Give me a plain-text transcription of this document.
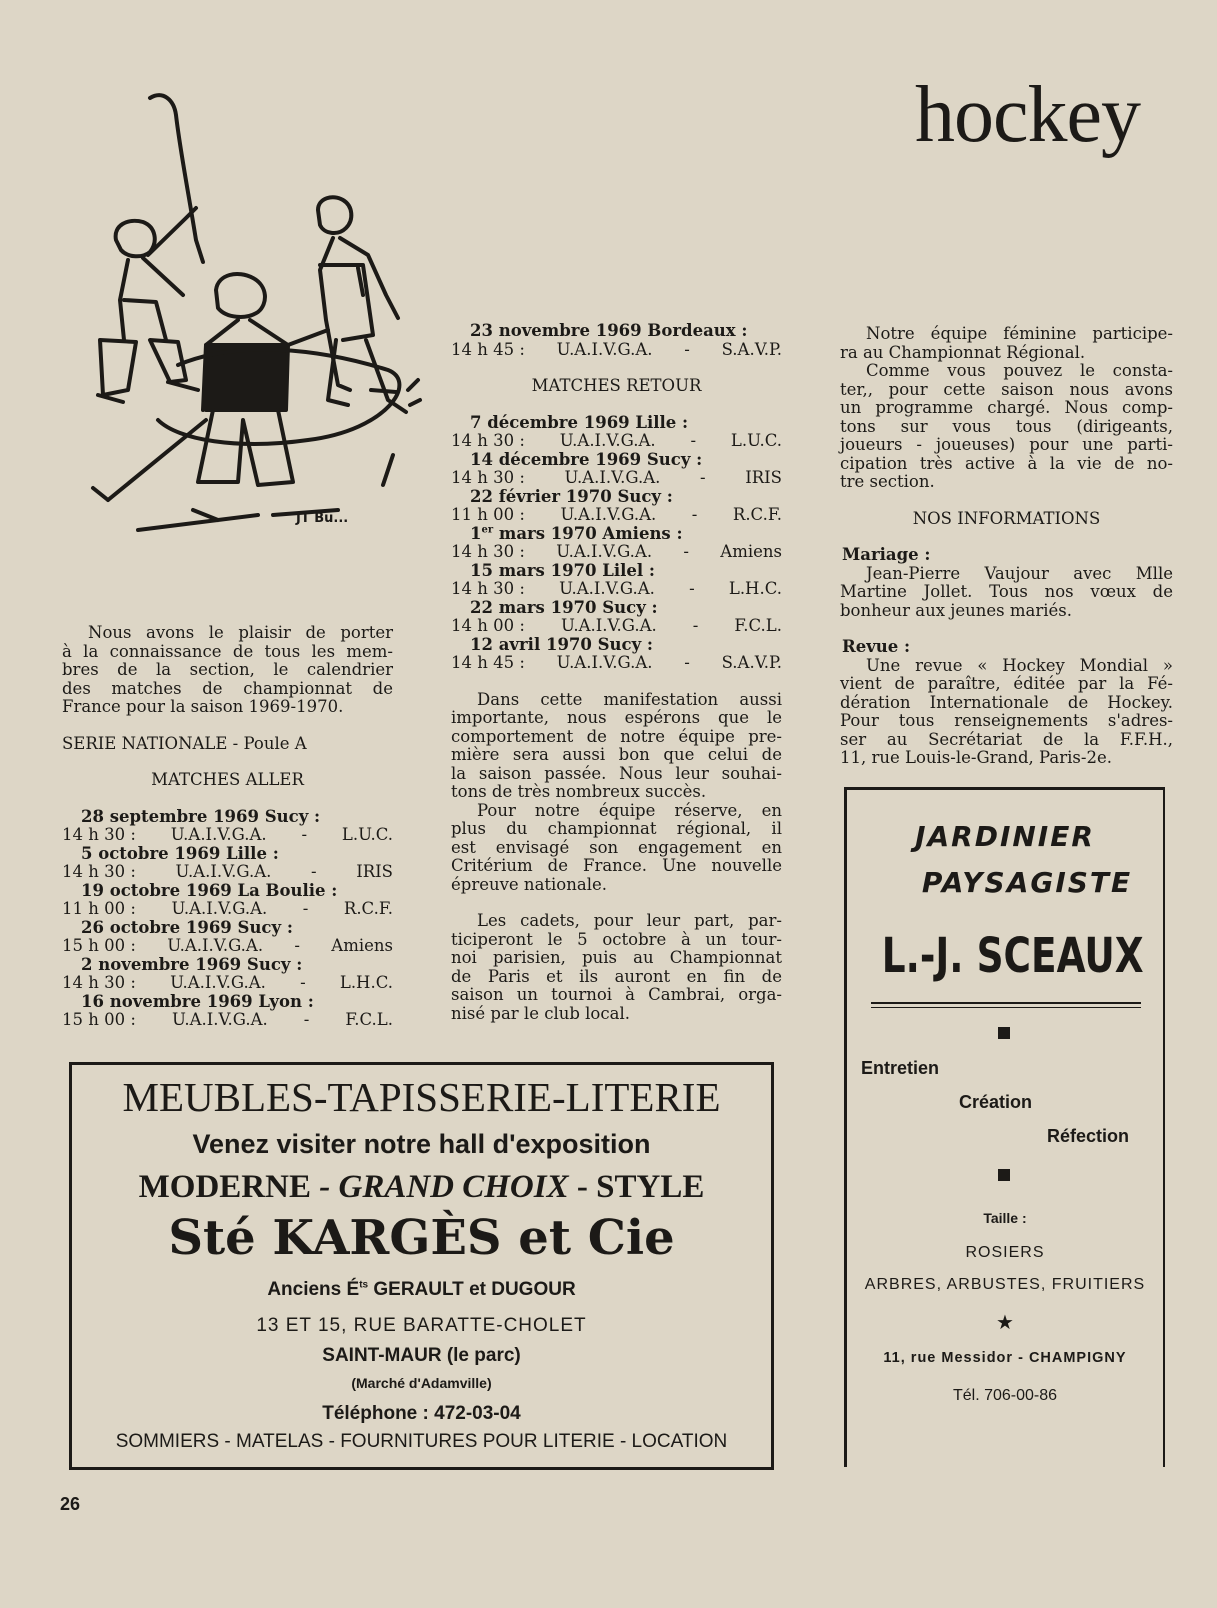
hockey
JT Bu...

Nous avons le plaisir de porter

à la connaissance de tous les mem-

bres de la section, le calendrier

des matches de championnat de

France pour la saison 1969-1970.

SERIE NATIONALE - Poule A

MATCHES ALLER

28 septembre 1969 Sucy :

14 h 30 : U.A.I.V.G.A. - L.U.C.

5 octobre 1969 Lille :

14 h 30 : U.A.I.V.G.A. - IRIS

19 octobre 1969 La Boulie :

11 h 00 : U.A.I.V.G.A. - R.C.F.

26 octobre 1969 Sucy :

15 h 00 : U.A.I.V.G.A. - Amiens

2 novembre 1969 Sucy :

14 h 30 : U.A.I.V.G.A. - L.H.C.

16 novembre 1969 Lyon :

15 h 00 : U.A.I.V.G.A. - F.C.L.

23 novembre 1969 Bordeaux :

14 h 45 : U.A.I.V.G.A. - S.A.V.P.

MATCHES RETOUR

7 décembre 1969 Lille :

14 h 30 : U.A.I.V.G.A. - L.U.C.

14 décembre 1969 Sucy :

14 h 30 : U.A.I.V.G.A. - IRIS

22 février 1970 Sucy :

11 h 00 : U.A.I.V.G.A. - R.C.F.

1er mars 1970 Amiens :

14 h 30 : U.A.I.V.G.A. - Amiens

15 mars 1970 Lilel :

14 h 30 : U.A.I.V.G.A. - L.H.C.

22 mars 1970 Sucy :

14 h 00 : U.A.I.V.G.A. - F.C.L.

12 avril 1970 Sucy :

14 h 45 : U.A.I.V.G.A. - S.A.V.P.

Dans cette manifestation aussi

importante, nous espérons que le

comportement de notre équipe pre-

mière sera aussi bon que celui de

la saison passée. Nous leur souhai-

tons de très nombreux succès.

Pour notre équipe réserve, en

plus du championnat régional, il

est envisagé son engagement en

Critérium de France. Une nouvelle

épreuve nationale.

Les cadets, pour leur part, par-

ticiperont le 5 octobre à un tour-

noi parisien, puis au Championnat

de Paris et ils auront en fin de

saison un tournoi à Cambrai, orga-

nisé par le club local.

Notre équipe féminine participe-

ra au Championnat Régional.

Comme vous pouvez le consta-

ter,, pour cette saison nous avons

un programme chargé. Nous comp-

tons sur vous tous (dirigeants,

joueurs - joueuses) pour une parti-

cipation très active à la vie de no-

tre section.

NOS INFORMATIONS

Mariage :

Jean-Pierre Vaujour avec Mlle

Martine Jollet. Tous nos vœux de

bonheur aux jeunes mariés.

Revue :

Une revue « Hockey Mondial »

vient de paraître, éditée par la Fé-

dération Internationale de Hockey.

Pour tous renseignements s'adres-

ser au Secrétariat de la F.F.H.,

11, rue Louis-le-Grand, Paris-2e.

MEUBLES-TAPISSERIE-LITERIE
Venez visiter notre hall d'exposition
MODERNE - GRAND CHOIX - STYLE
Sté KARGÈS et Cie
Anciens $É^{ts}$ GERAULT et DUGOUR
13 ET 15, RUE BARATTE-CHOLET
SAINT-MAUR (le parc)
(Marché d'Adamville)
Téléphone : 472-03-04
SOMMIERS - MATELAS - FOURNITURES POUR LITERIE - LOCATION
JARDINIER
PAYSAGISTE
L.-J. SCEAUX
Entretien
Création
Réfection
Taille :
ROSIERS
ARBRES, ARBUSTES, FRUITIERS
★
11, rue Messidor - CHAMPIGNY
Tél. 706-00-86
26
